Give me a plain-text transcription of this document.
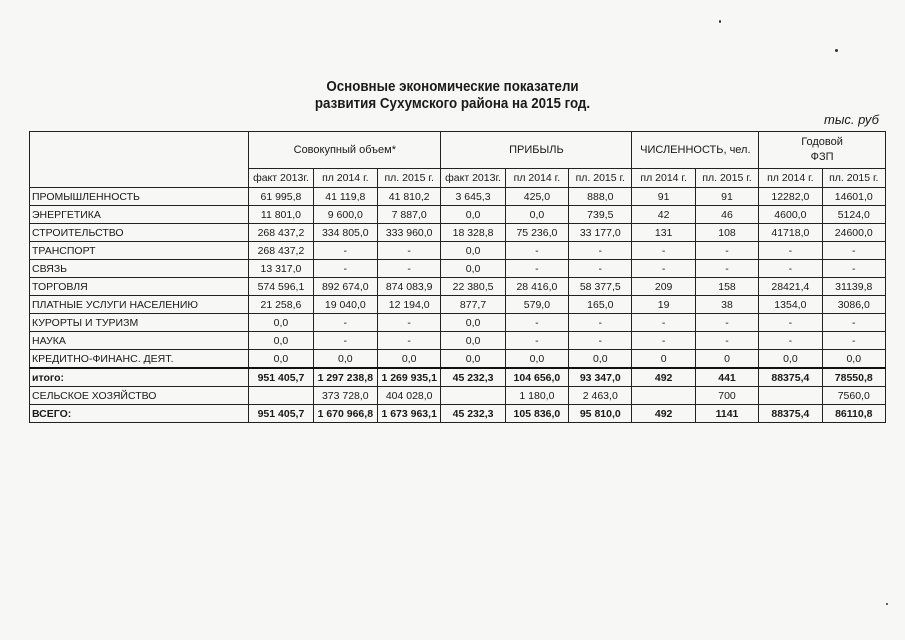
Основные экономические показатели
развития Сухумского района на 2015 год.
тыс. руб
	Совокупный объем*			ПРИБЫЛЬ			ЧИСЛЕННОСТЬ, чел.		Годовой
ФЗП	

	факт 2013г.	пл 2014 г.	пл. 2015 г.	факт 2013г.	пл 2014 г.	пл. 2015 г.	пл 2014 г.	пл. 2015 г.	пл 2014 г.	пл. 2015 г.
ПРОМЫШЛЕННОСТЬ	61 995,8	41 119,8	41 810,2	3 645,3	425,0	888,0	91	91	12282,0	14601,0
ЭНЕРГЕТИКА	11 801,0	9 600,0	7 887,0	0,0	0,0	739,5	42	46	4600,0	5124,0
СТРОИТЕЛЬСТВО	268 437,2	334 805,0	333 960,0	18 328,8	75 236,0	33 177,0	131	108	41718,0	24600,0
ТРАНСПОРТ	268 437,2	-	-	0,0	-	-	-	-	-	-
СВЯЗЬ	13 317,0	-	-	0,0	-	-	-	-	-	-
ТОРГОВЛЯ	574 596,1	892 674,0	874 083,9	22 380,5	28 416,0	58 377,5	209	158	28421,4	31139,8
ПЛАТНЫЕ УСЛУГИ НАСЕЛЕНИЮ	21 258,6	19 040,0	12 194,0	877,7	579,0	165,0	19	38	1354,0	3086,0
КУРОРТЫ И ТУРИЗМ	0,0	-	-	0,0	-	-	-	-	-	-
НАУКА	0,0	-	-	0,0	-	-	-	-	-	-
КРЕДИТНО-ФИНАНС. ДЕЯТ.	0,0	0,0	0,0	0,0	0,0	0,0	0	0	0,0	0,0
итого:	951 405,7	1 297 238,8	1 269 935,1	45 232,3	104 656,0	93 347,0	492	441	88375,4	78550,8
СЕЛЬСКОЕ ХОЗЯЙСТВО		373 728,0	404 028,0		1 180,0	2 463,0		700		7560,0
ВСЕГО:	951 405,7	1 670 966,8	1 673 963,1	45 232,3	105 836,0	95 810,0	492	1141	88375,4	86110,8
